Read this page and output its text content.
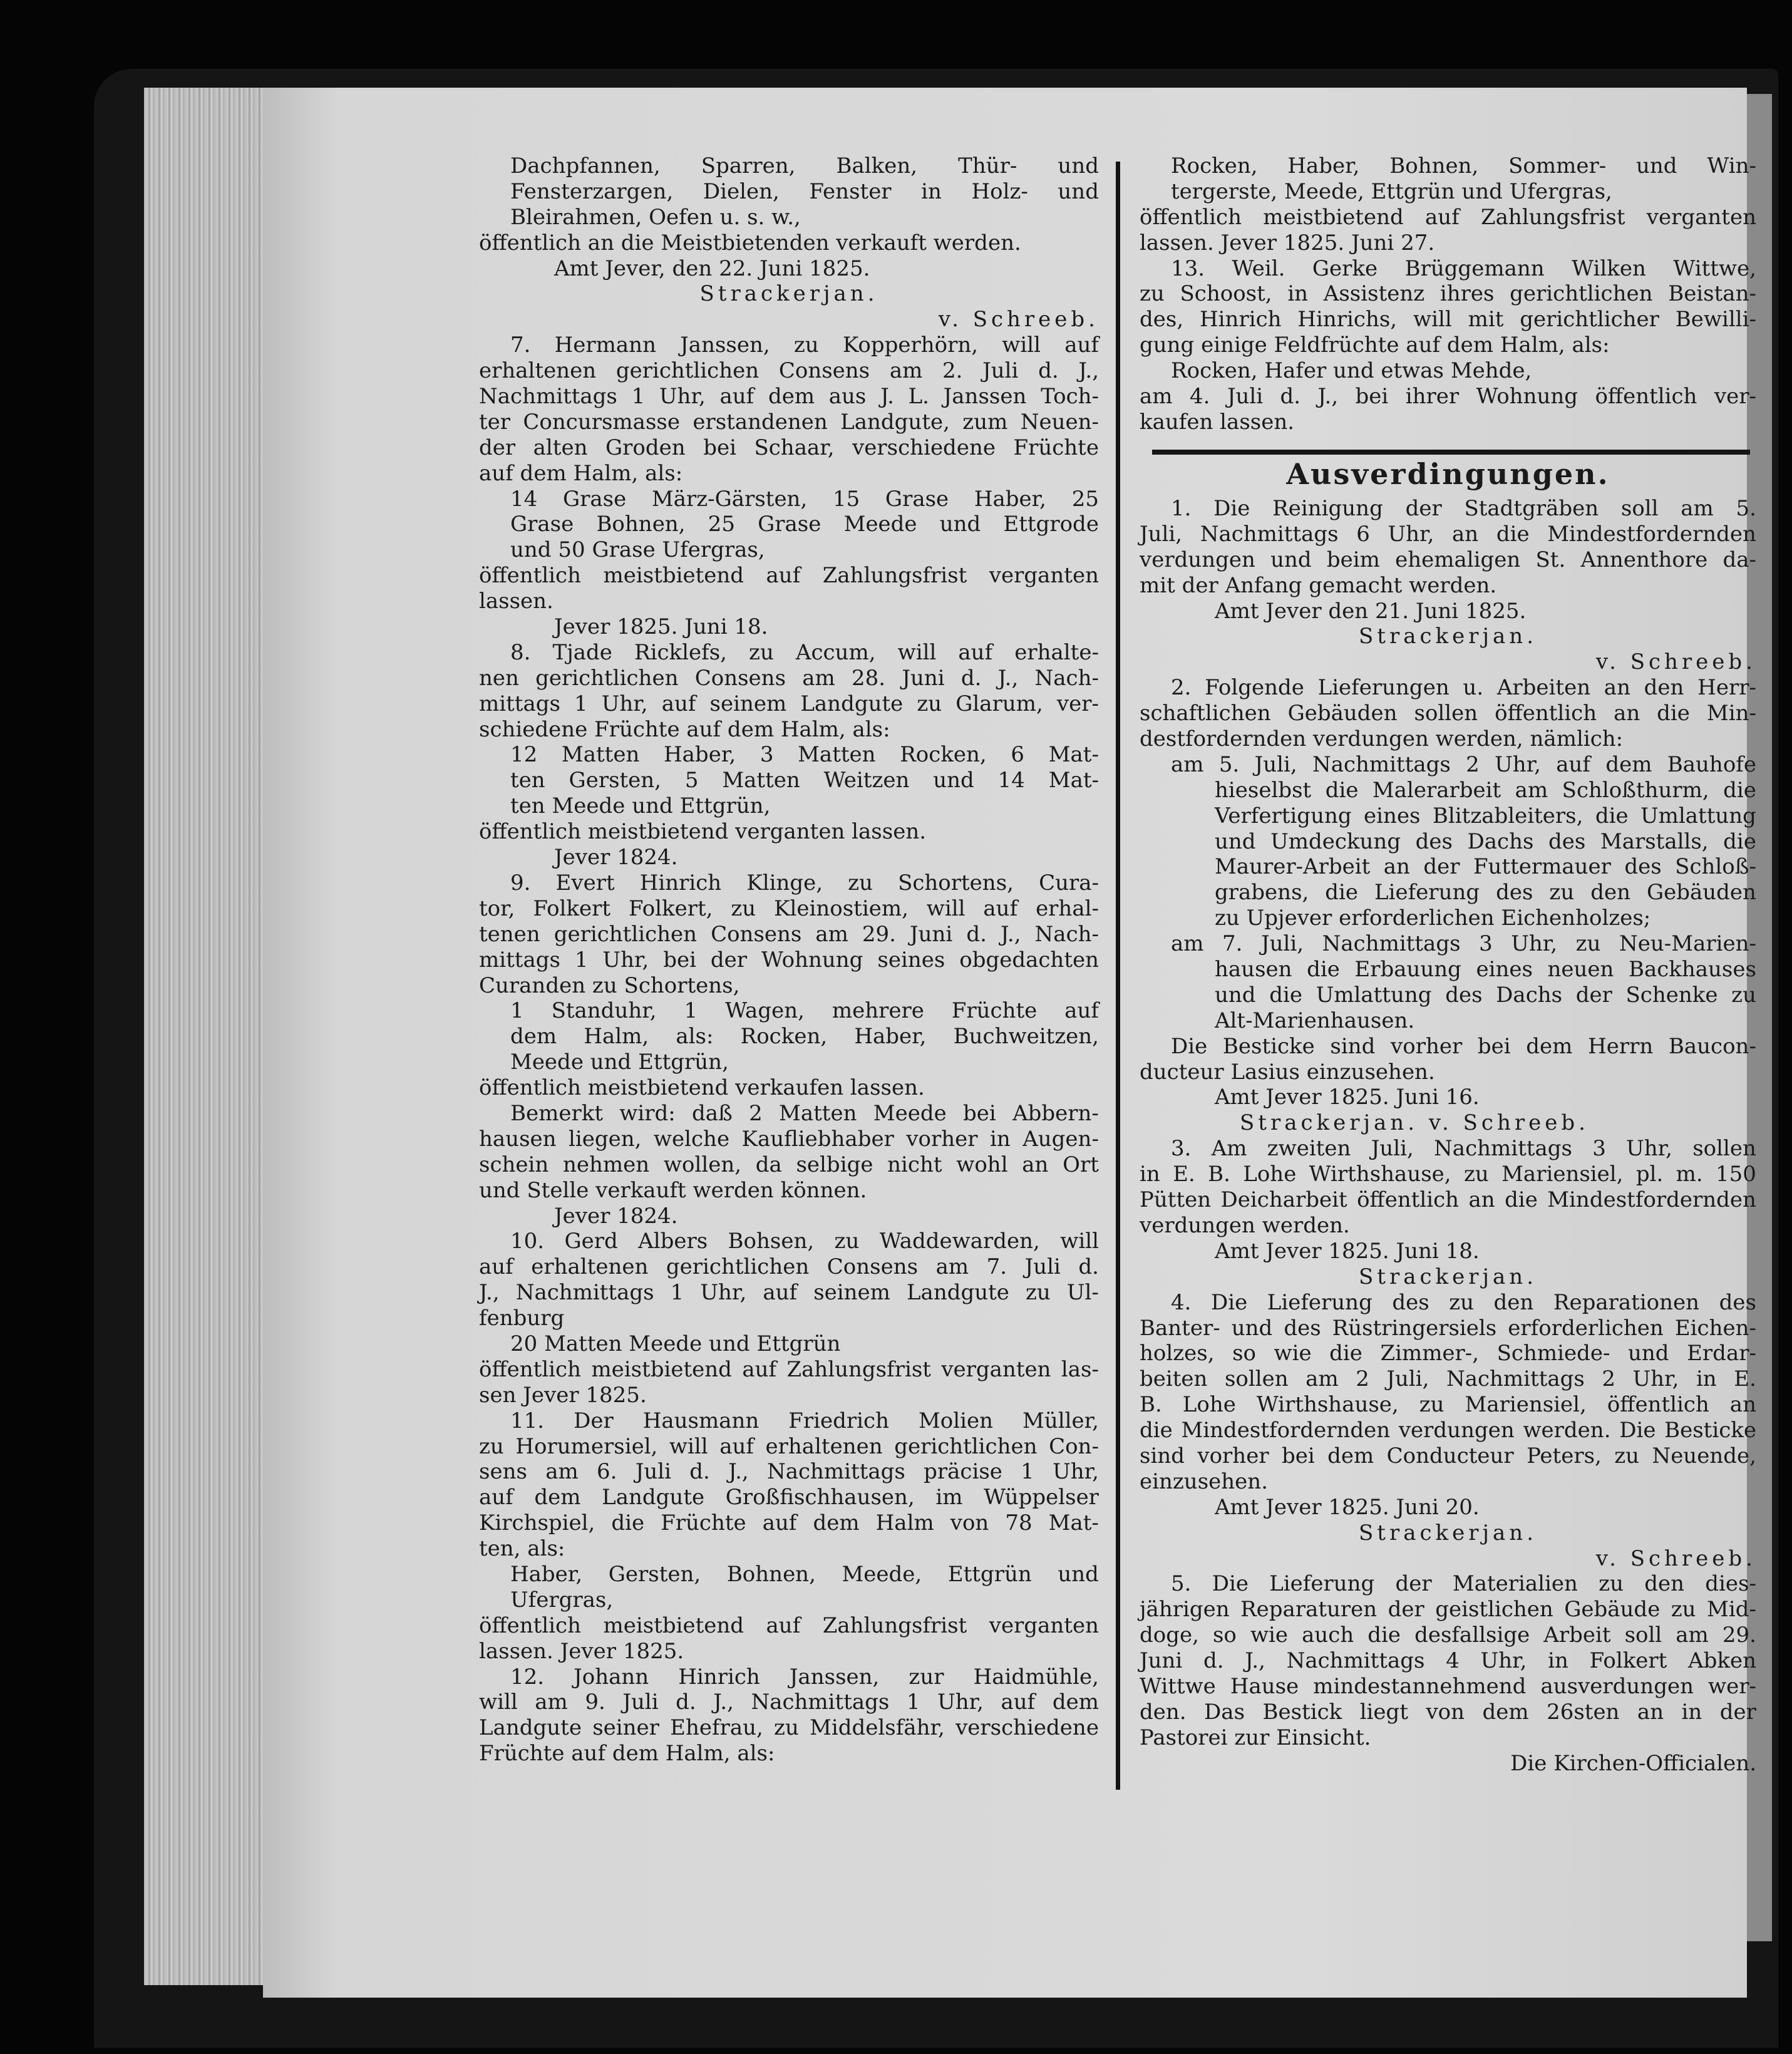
Dachpfannen, Sparren, Balken, Thür- und
Fensterzargen, Dielen, Fenster in Holz- und
Bleirahmen, Oefen u. s. w.,
öffentlich an die Meistbietenden verkauft werden.
Amt Jever, den 22. Juni 1825.
Strackerjan.
v. Schreeb.
7. Hermann Janssen, zu Kopperhörn, will auf
erhaltenen gerichtlichen Consens am 2. Juli d. J.,
Nachmittags 1 Uhr, auf dem aus J. L. Janssen Toch-
ter Concursmasse erstandenen Landgute, zum Neuen-
der alten Groden bei Schaar, verschiedene Früchte
auf dem Halm, als:
14 Grase März-Gärsten, 15 Grase Haber, 25
Grase Bohnen, 25 Grase Meede und Ettgrode
und 50 Grase Ufergras,
öffentlich meistbietend auf Zahlungsfrist verganten
lassen.
Jever 1825. Juni 18.
8. Tjade Ricklefs, zu Accum, will auf erhalte-
nen gerichtlichen Consens am 28. Juni d. J., Nach-
mittags 1 Uhr, auf seinem Landgute zu Glarum, ver-
schiedene Früchte auf dem Halm, als:
12 Matten Haber, 3 Matten Rocken, 6 Mat-
ten Gersten, 5 Matten Weitzen und 14 Mat-
ten Meede und Ettgrün,
öffentlich meistbietend verganten lassen.
Jever 1824.
9. Evert Hinrich Klinge, zu Schortens, Cura-
tor, Folkert Folkert, zu Kleinostiem, will auf erhal-
tenen gerichtlichen Consens am 29. Juni d. J., Nach-
mittags 1 Uhr, bei der Wohnung seines obgedachten
Curanden zu Schortens,
1 Standuhr, 1 Wagen, mehrere Früchte auf
dem Halm, als: Rocken, Haber, Buchweitzen,
Meede und Ettgrün,
öffentlich meistbietend verkaufen lassen.
Bemerkt wird: daß 2 Matten Meede bei Abbern-
hausen liegen, welche Kaufliebhaber vorher in Augen-
schein nehmen wollen, da selbige nicht wohl an Ort
und Stelle verkauft werden können.
Jever 1824.
10. Gerd Albers Bohsen, zu Waddewarden, will
auf erhaltenen gerichtlichen Consens am 7. Juli d.
J., Nachmittags 1 Uhr, auf seinem Landgute zu Ul-
fenburg
20 Matten Meede und Ettgrün
öffentlich meistbietend auf Zahlungsfrist verganten las-
sen Jever 1825.
11. Der Hausmann Friedrich Molien Müller,
zu Horumersiel, will auf erhaltenen gerichtlichen Con-
sens am 6. Juli d. J., Nachmittags präcise 1 Uhr,
auf dem Landgute Großfischhausen, im Wüppelser
Kirchspiel, die Früchte auf dem Halm von 78 Mat-
ten, als:
Haber, Gersten, Bohnen, Meede, Ettgrün und
Ufergras,
öffentlich meistbietend auf Zahlungsfrist verganten
lassen. Jever 1825.
12. Johann Hinrich Janssen, zur Haidmühle,
will am 9. Juli d. J., Nachmittags 1 Uhr, auf dem
Landgute seiner Ehefrau, zu Middelsfähr, verschiedene
Früchte auf dem Halm, als:
Rocken, Haber, Bohnen, Sommer- und Win-
tergerste, Meede, Ettgrün und Ufergras,
öffentlich meistbietend auf Zahlungsfrist verganten
lassen. Jever 1825. Juni 27.
13. Weil. Gerke Brüggemann Wilken Wittwe,
zu Schoost, in Assistenz ihres gerichtlichen Beistan-
des, Hinrich Hinrichs, will mit gerichtlicher Bewilli-
gung einige Feldfrüchte auf dem Halm, als:
Rocken, Hafer und etwas Mehde,
am 4. Juli d. J., bei ihrer Wohnung öffentlich ver-
kaufen lassen.
Ausverdingungen.
1. Die Reinigung der Stadtgräben soll am 5.
Juli, Nachmittags 6 Uhr, an die Mindestfordernden
verdungen und beim ehemaligen St. Annenthore da-
mit der Anfang gemacht werden.
Amt Jever den 21. Juni 1825.
Strackerjan.
v. Schreeb.
2. Folgende Lieferungen u. Arbeiten an den Herr-
schaftlichen Gebäuden sollen öffentlich an die Min-
destfordernden verdungen werden, nämlich:
am 5. Juli, Nachmittags 2 Uhr, auf dem Bauhofe
hieselbst die Malerarbeit am Schloßthurm, die
Verfertigung eines Blitzableiters, die Umlattung
und Umdeckung des Dachs des Marstalls, die
Maurer-Arbeit an der Futtermauer des Schloß-
grabens, die Lieferung des zu den Gebäuden
zu Upjever erforderlichen Eichenholzes;
am 7. Juli, Nachmittags 3 Uhr, zu Neu-Marien-
hausen die Erbauung eines neuen Backhauses
und die Umlattung des Dachs der Schenke zu
Alt-Marienhausen.
Die Besticke sind vorher bei dem Herrn Baucon-
ducteur Lasius einzusehen.
Amt Jever 1825. Juni 16.
Strackerjan. v. Schreeb.
3. Am zweiten Juli, Nachmittags 3 Uhr, sollen
in E. B. Lohe Wirthshause, zu Mariensiel, pl. m. 150
Pütten Deicharbeit öffentlich an die Mindestfordernden
verdungen werden.
Amt Jever 1825. Juni 18.
Strackerjan.
4. Die Lieferung des zu den Reparationen des
Banter- und des Rüstringersiels erforderlichen Eichen-
holzes, so wie die Zimmer-, Schmiede- und Erdar-
beiten sollen am 2 Juli, Nachmittags 2 Uhr, in E.
B. Lohe Wirthshause, zu Mariensiel, öffentlich an
die Mindestfordernden verdungen werden. Die Besticke
sind vorher bei dem Conducteur Peters, zu Neuende,
einzusehen.
Amt Jever 1825. Juni 20.
Strackerjan.
v. Schreeb.
5. Die Lieferung der Materialien zu den dies-
jährigen Reparaturen der geistlichen Gebäude zu Mid-
doge, so wie auch die desfallsige Arbeit soll am 29.
Juni d. J., Nachmittags 4 Uhr, in Folkert Abken
Wittwe Hause mindestannehmend ausverdungen wer-
den. Das Bestick liegt von dem 26sten an in der
Pastorei zur Einsicht.
Die Kirchen-Officialen.
